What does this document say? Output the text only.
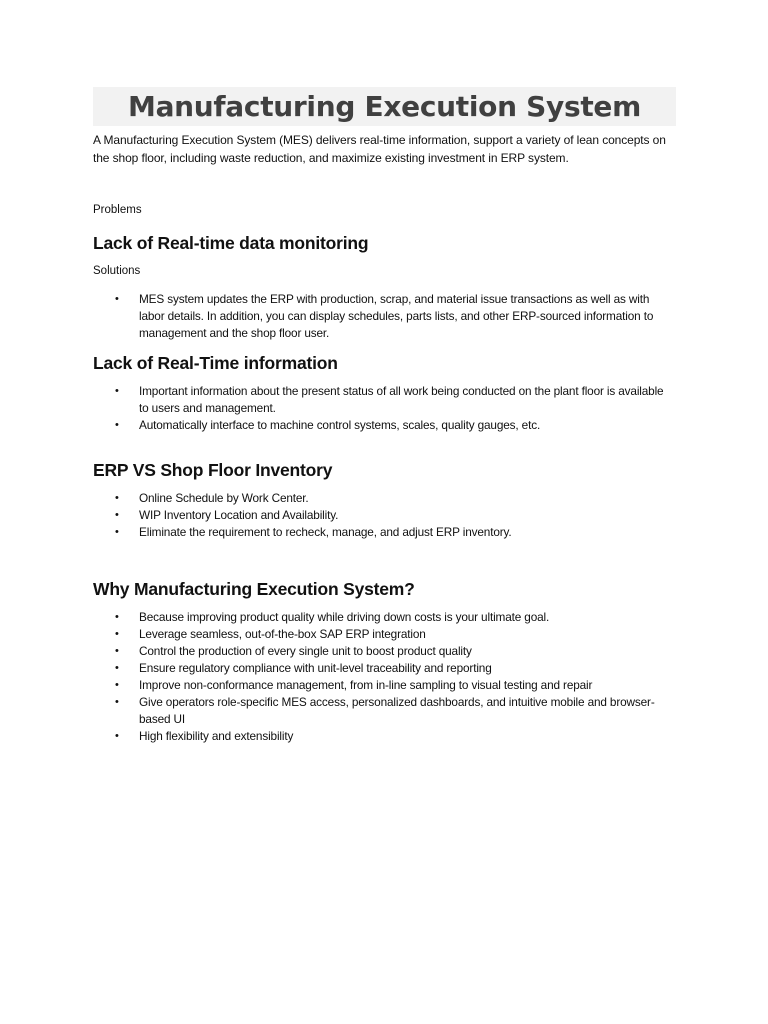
Manufacturing Execution System

A Manufacturing Execution System (MES) delivers real-time information, support a variety of lean concepts on the shop floor, including waste reduction, and maximize existing investment in ERP system.

Problems

Lack of Real-time data monitoring

Solutions

• MES system updates the ERP with production, scrap, and material issue transactions as well as with labor details. In addition, you can display schedules, parts lists, and other ERP-sourced information to management and the shop floor user.
Lack of Real-Time information
• Important information about the present status of all work being conducted on the plant floor is available to users and management.
• Automatically interface to machine control systems, scales, quality gauges, etc.
ERP VS Shop Floor Inventory
• Online Schedule by Work Center.
• WIP Inventory Location and Availability.
• Eliminate the requirement to recheck, manage, and adjust ERP inventory.
Why Manufacturing Execution System?
• Because improving product quality while driving down costs is your ultimate goal.
• Leverage seamless, out-of-the-box SAP ERP integration
• Control the production of every single unit to boost product quality
• Ensure regulatory compliance with unit-level traceability and reporting
• Improve non-conformance management, from in-line sampling to visual testing and repair
• Give operators role-specific MES access, personalized dashboards, and intuitive mobile and browser-based UI
• High flexibility and extensibility
